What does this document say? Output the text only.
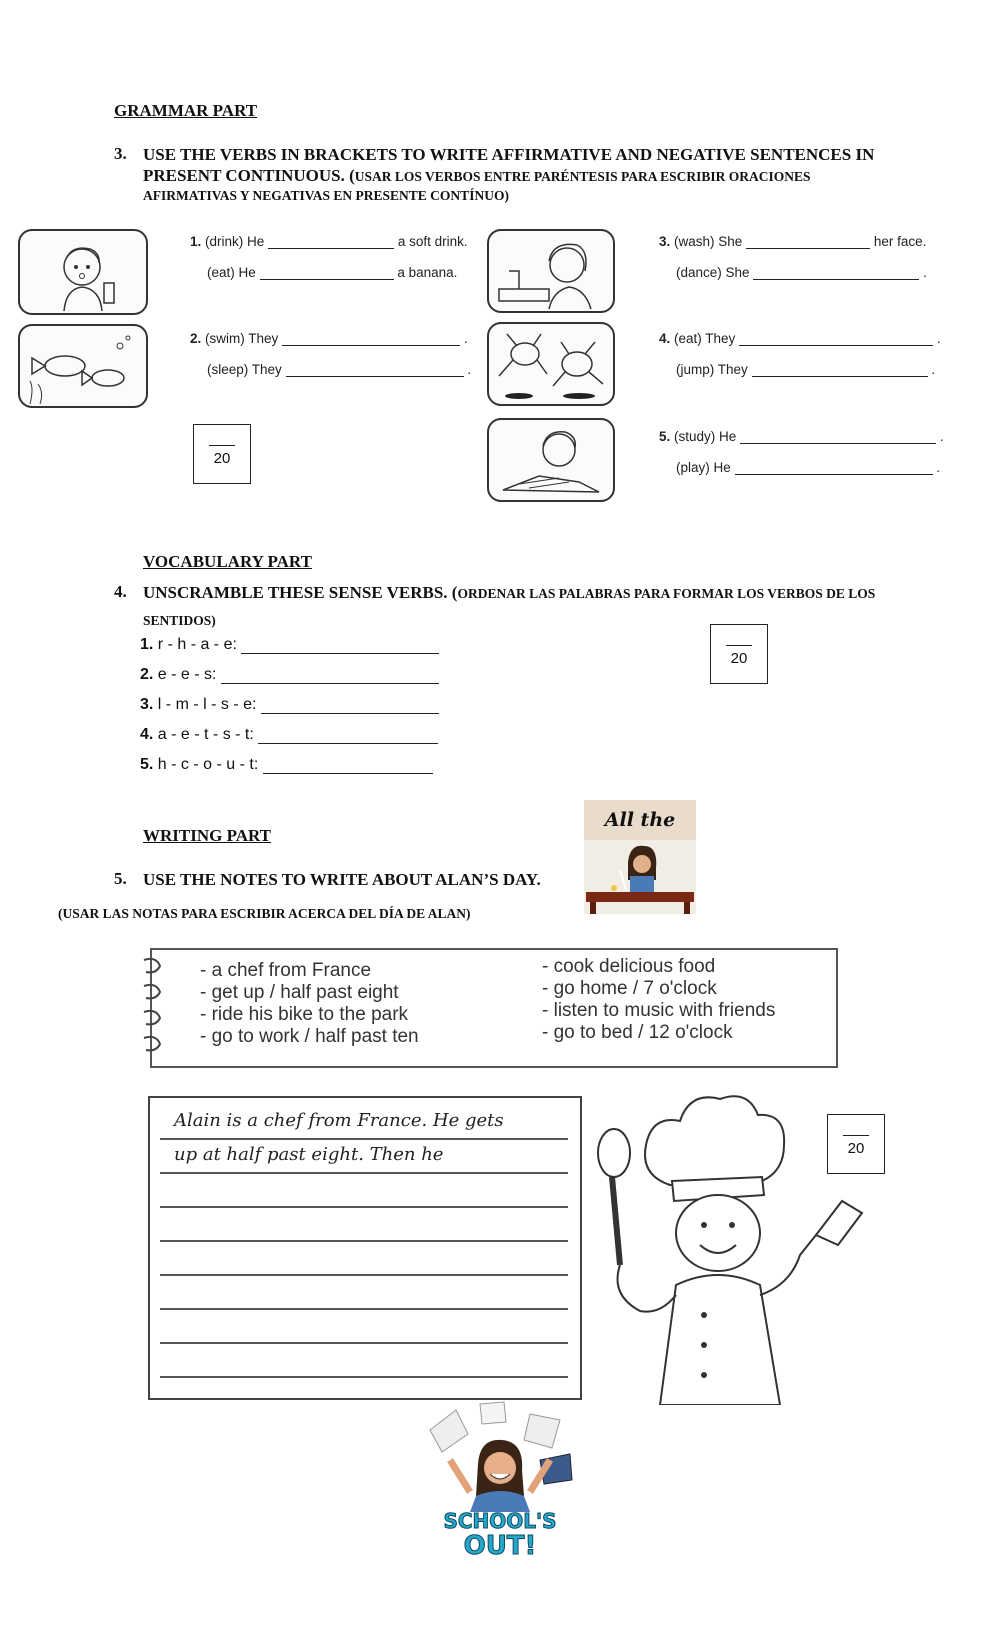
GRAMMAR PART
3. USE THE VERBS IN BRACKETS TO WRITE AFFIRMATIVE AND NEGATIVE SENTENCES IN
PRESENT CONTINUOUS. (USAR LOS VERBOS ENTRE PARÉNTESIS PARA ESCRIBIR ORACIONES
AFIRMATIVAS Y NEGATIVAS EN PRESENTE CONTÍNUO)
1. (drink) He	a soft drink.
(eat) He	a banana.
2. (swim) They	.
(sleep) They	.
3. (wash) She	her face.
(dance) She	.
4. (eat) They	.
(jump) They	.
5. (study) He	.
(play) He	.
20
VOCABULARY PART
4. UNSCRAMBLE THESE SENSE VERBS. (ORDENAR LAS PALABRAS PARA FORMAR LOS VERBOS DE LOS
SENTIDOS)
1. r - h - a - e:
2. e - e - s:
3. l - m - l - s - e:
4. a - e - t - s - t:
5. h - c - o - u - t:
20
All the
WRITING PART
5. USE THE NOTES TO WRITE ABOUT ALAN’S DAY.
(USAR LAS NOTAS PARA ESCRIBIR ACERCA DEL DÍA DE ALAN)
- a chef from France
- get up / half past eight
- ride his bike to the park
- go to work / half past ten
- cook delicious food
- go home / 7 o'clock
- listen to music with friends
- go to bed / 12 o'clock
Alain is a chef from France. He gets
up at half past eight. Then he	20
SCHOOL'S
OUT!
